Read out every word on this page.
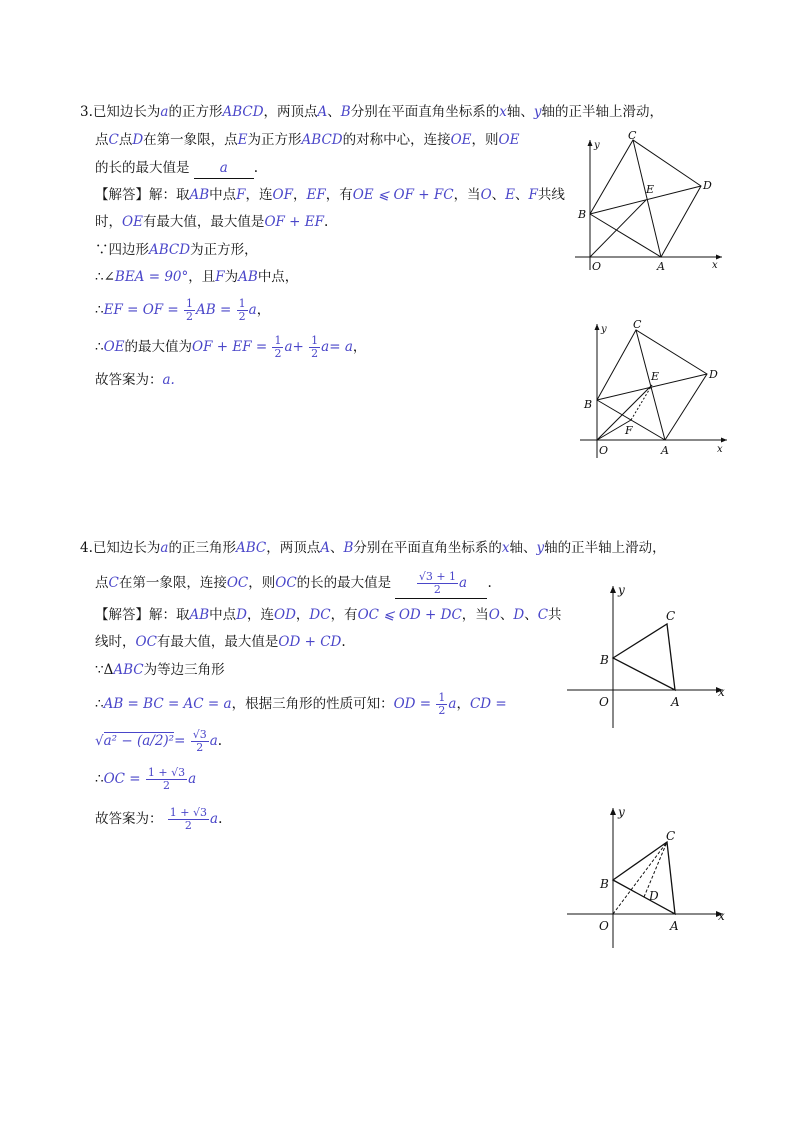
3.已知边长为a的正方形ABCD，两顶点A、B分别在平面直角坐标系的x轴、y轴的正半轴上滑动，
点C点D在第一象限，点E为正方形ABCD的对称中心，连接OE，则OE
的长的最大值是 a .
【解答】解：取AB中点F，连OF，EF，有OE ⩽ OF + FC，当O、E、F共线
时，OE有最大值，最大值是OF + EF.
∵四边形ABCD为正方形，
∴∠BEA = 90°，且F为AB中点，
∴EF = OF = $\frac{1}{2}$ AB = $\frac{1}{2}$ a，
∴OE的最大值为OF + EF = $\frac{1}{2} a+ \frac{1}{2} a= a$，
故答案为：a.
y
x
O	A
B
C
D
E
y
x
O	A
B
C
D
E
F
4.已知边长为a的正三角形ABC，两顶点A、B分别在平面直角坐标系的x轴、y轴的正半轴上滑动，
点C在第一象限，连接OC，则OC的长的最大值是 $\frac{√3 + 1}{2}$ a .
【解答】解：取AB中点D，连OD，DC，有OC ⩽ OD + DC，当O、D、C共
线时，OC有最大值，最大值是OD + CD.
∵ΔABC为等边三角形
∴AB = BC = AC = a，根据三角形的性质可知：OD = $\frac{1}{2}$ a，CD =
$√a^2 - (a/2)^2= \frac{√3}{2} a$.
∴OC = $\frac{1 + √3}{2}$ a
故答案为： $\frac{1 + √3}{2} a$.
y
x
O	A
B
C
y
x
O	A
B
C
D
